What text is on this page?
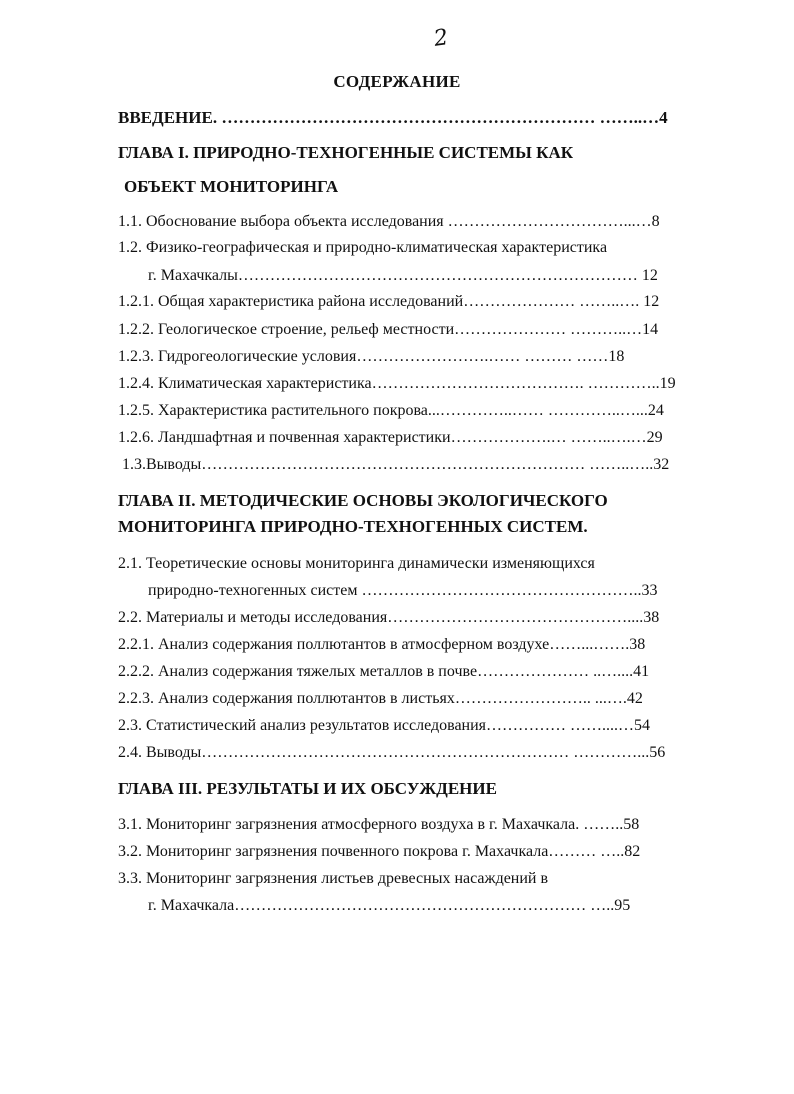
2
СОДЕРЖАНИЕ
ВВЕДЕНИЕ. ………………………………………………………… ……..…4
ГЛАВА I. ПРИРОДНО-ТЕХНОГЕННЫЕ СИСТЕМЫ КАК
ОБЪЕКТ МОНИТОРИНГА
1.1. Обоснование выбора объекта исследования ……………………………...…8
1.2. Физико-географическая и природно-климатическая характеристика
г. Махачкалы………………………………………………………………… 12
1.2.1. Общая характеристика района исследований………………… ……..…. 12
1.2.2. Геологическое строение, рельеф местности………………… ………..…14
1.2.3. Гидрогеологические условия…………………….…… ……… ……18
1.2.4. Климатическая характеристика…………………………………. …………..19
1.2.5. Характеристика растительного покрова...…………..…… …………..…...24
1.2.6. Ландшафтная и почвенная характеристики……………….… ……..….…29
1.3.Выводы……………………………………………………………… ……..…..32
ГЛАВА II. МЕТОДИЧЕСКИЕ ОСНОВЫ ЭКОЛОГИЧЕСКОГО
МОНИТОРИНГА ПРИРОДНО-ТЕХНОГЕННЫХ СИСТЕМ.
2.1. Теоретические основы мониторинга динамически изменяющихся
природно-техногенных систем ……………………………………………..33
2.2. Материалы и методы исследования………………………………………....38
2.2.1. Анализ содержания поллютантов в атмосферном воздухе……...…….38
2.2.2. Анализ содержания тяжелых металлов в почве………………… ..…....41
2.2.3. Анализ содержания поллютантов в листьях…………………….. ...….42
2.3. Статистический анализ результатов исследования…………… ……....…54
2.4. Выводы…………………………………………………………… …………...56
ГЛАВА III. РЕЗУЛЬТАТЫ И ИХ ОБСУЖДЕНИЕ
3.1. Мониторинг загрязнения атмосферного воздуха в г. Махачкала. ……..58
3.2. Мониторинг загрязнения почвенного покрова г. Махачкала……… …..82
3.3. Мониторинг загрязнения листьев древесных насаждений в
г. Махачкала………………………………………………………… …..95
